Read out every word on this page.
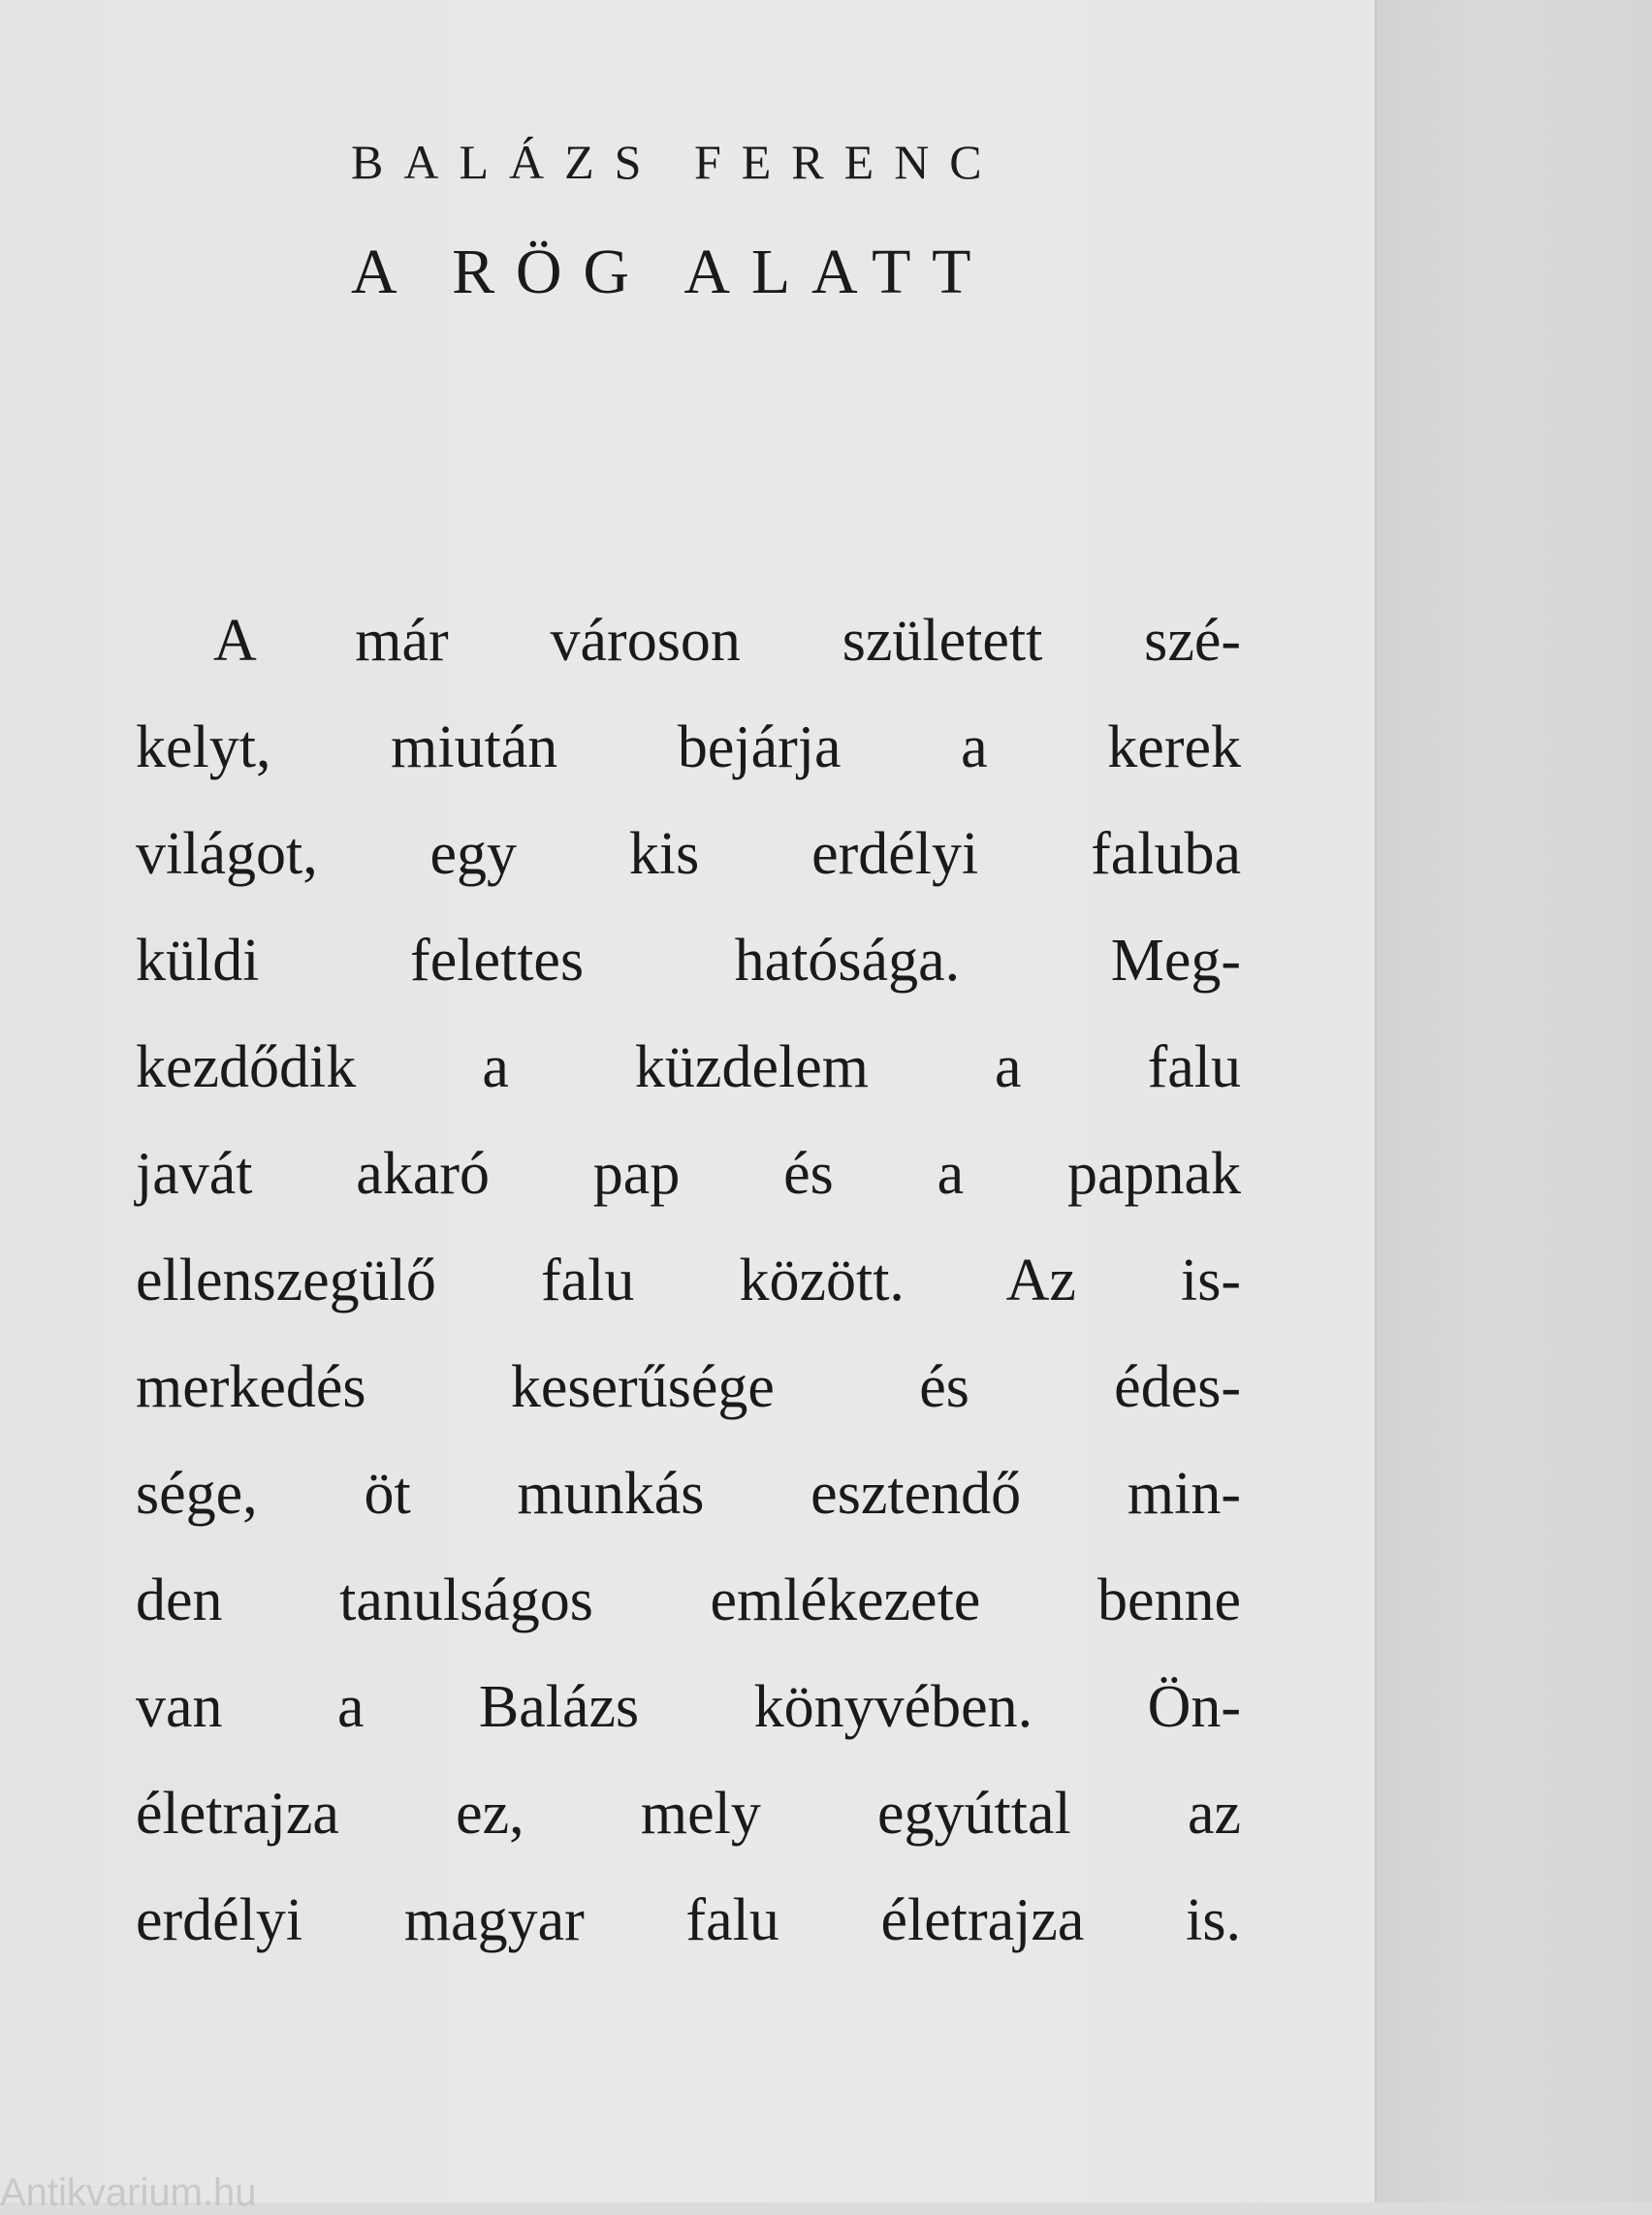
BALÁZS FERENC
A RÖG ALATT
A már városon született szé-
kelyt, miután bejárja a kerek
világot, egy kis erdélyi faluba
küldi felettes hatósága. Meg-
kezdődik a küzdelem a falu
javát akaró pap és a papnak
ellenszegülő falu között. Az is-
merkedés keserűsége és édes-
sége, öt munkás esztendő min-
den tanulságos emlékezete benne
van a Balázs könyvében. Ön-
életrajza ez, mely egyúttal az
erdélyi magyar falu életrajza is.
Antikvarium.hu
